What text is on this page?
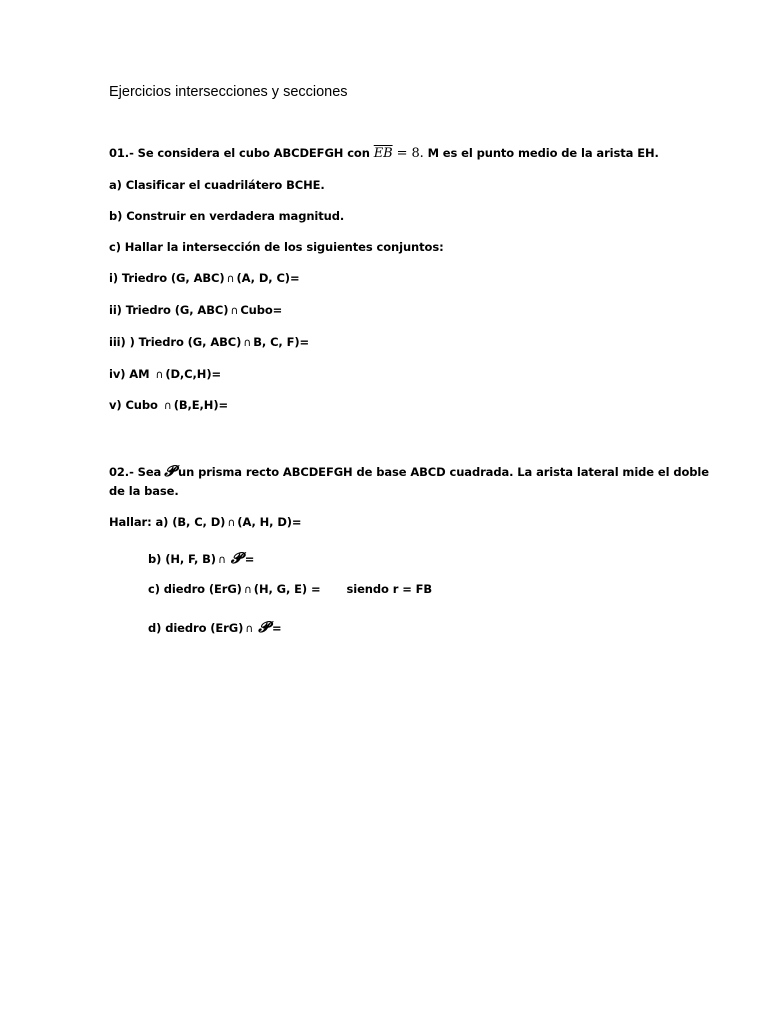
Ejercicios intersecciones y secciones
01.- Se considera el cubo ABCDEFGH con $\overline{EB} = 8$. M es el punto medio de la arista EH.
a) Clasificar el cuadrilátero BCHE.
b) Construir en verdadera magnitud.
c) Hallar la intersección de los siguientes conjuntos:
i) Triedro (G, ABC) ∩ (A, D, C)=
ii) Triedro (G, ABC) ∩ Cubo=
iii) ) Triedro (G, ABC) ∩ B, C, F)=
iv) AM ∩ (D,C,H)=
v) Cubo ∩ (B,E,H)=
02.- Sea 𝓟 un prisma recto ABCDEFGH de base ABCD cuadrada. La arista lateral mide el doble
de la base.
Hallar: a) (B, C, D) ∩ (A, H, D)=
b) (H, F, B) ∩ 𝓟 =
c) diedro (ErG) ∩ (H, G, E) = siendo r = FB
d) diedro (ErG) ∩ 𝓟 =
